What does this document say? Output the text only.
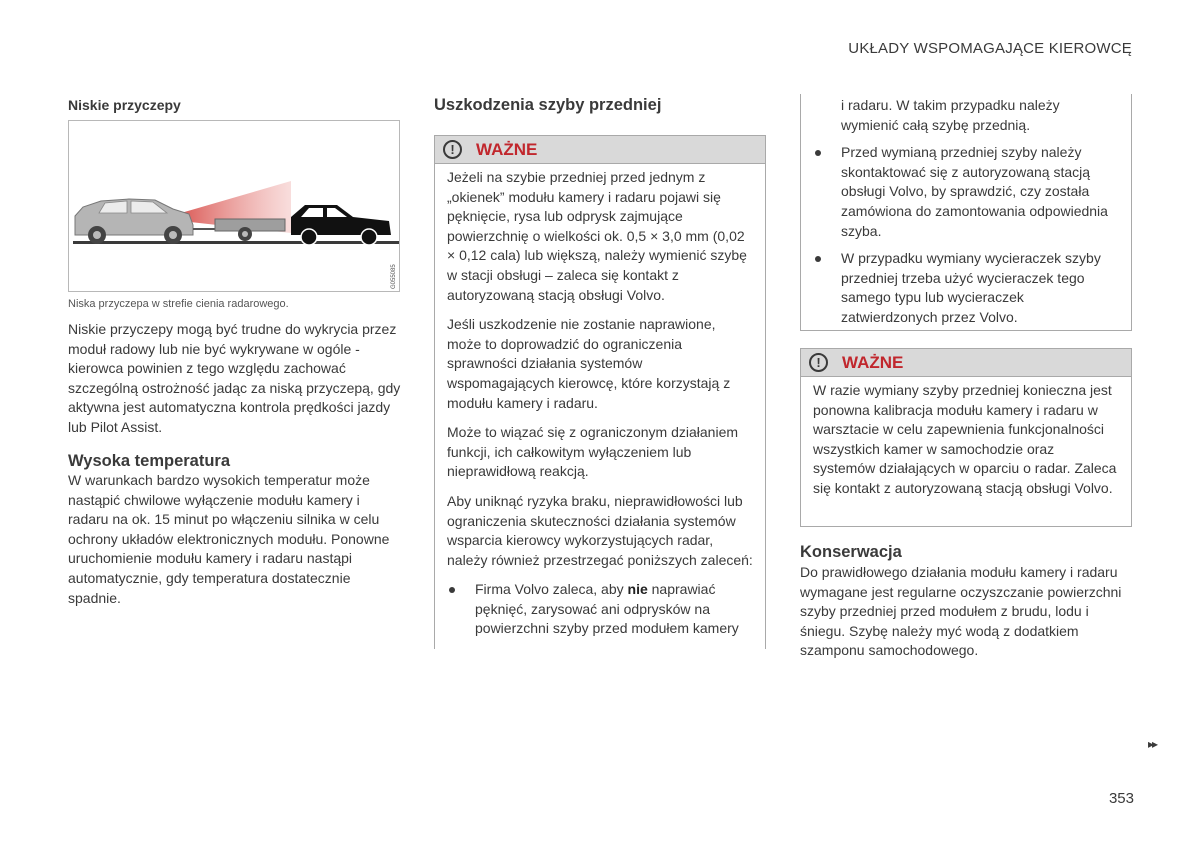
UKŁADY WSPOMAGAJĄCE KIEROWCĘ
Niskie przyczepy
G055085
Niska przyczepa w strefie cienia radarowego.

Niskie przyczepy mogą być trudne do wykrycia przez moduł radowy lub nie być wykrywane w ogóle - kierowca powinien z tego względu zachować szczególną ostrożność jadąc za niską przyczepą, gdy aktywna jest automatyczna kontrola prędkości jazdy lub Pilot Assist.

Wysoka temperatura

W warunkach bardzo wysokich temperatur może nastąpić chwilowe wyłączenie modułu kamery i radaru na ok. 15 minut po włączeniu silnika w celu ochrony układów elektronicznych modułu. Ponowne uruchomienie modułu kamery i radaru nastąpi automatycznie, gdy temperatura dostatecznie spadnie.

Uszkodzenia szyby przedniej
!	WAŻNE

Jeżeli na szybie przedniej przed jednym z „okienek” modułu kamery i radaru pojawi się pęknięcie, rysa lub odprysk zajmujące powierzchnię o wielkości ok. 0,5 × 3,0 mm (0,02 × 0,12 cala) lub większą, należy wymienić szybę w stacji obsługi – zaleca się kontakt z autoryzowaną stacją obsługi Volvo.

Jeśli uszkodzenie nie zostanie naprawione, może to doprowadzić do ograniczenia sprawności działania systemów wspomagających kierowcę, które korzystają z modułu kamery i radaru.

Może to wiązać się z ograniczonym działaniem funkcji, ich całkowitym wyłączeniem lub nieprawidłową reakcją.

Aby uniknąć ryzyka braku, nieprawidłowości lub ograniczenia skuteczności działania systemów wsparcia kierowcy wykorzystujących radar, należy również przestrzegać poniższych zaleceń:

Firma Volvo zaleca, aby nie naprawiać pęknięć, zarysować ani odprysków na powierzchni szyby przed modułem kamery

i radaru. W takim przypadku należy wymienić całą szybę przednią.

Przed wymianą przedniej szyby należy skontaktować się z autoryzowaną stacją obsługi Volvo, by sprawdzić, czy została zamówiona do zamontowania odpowiednia szyba.
W przypadku wymiany wycieraczek szyby przedniej trzeba użyć wycieraczek tego samego typu lub wycieraczek zatwierdzonych przez Volvo.
!	WAŻNE

W razie wymiany szyby przedniej konieczna jest ponowna kalibracja modułu kamery i radaru w warsztacie w celu zapewnienia funkcjonalności wszystkich kamer w samochodzie oraz systemów działających w oparciu o radar. Zaleca się kontakt z autoryzowaną stacją obsługi Volvo.

Konserwacja

Do prawidłowego działania modułu kamery i radaru wymagane jest regularne oczyszczanie powierzchni szyby przedniej przed modułem z brudu, lodu i śniegu. Szybę należy myć wodą z dodatkiem szamponu samochodowego.

▸▸
353
